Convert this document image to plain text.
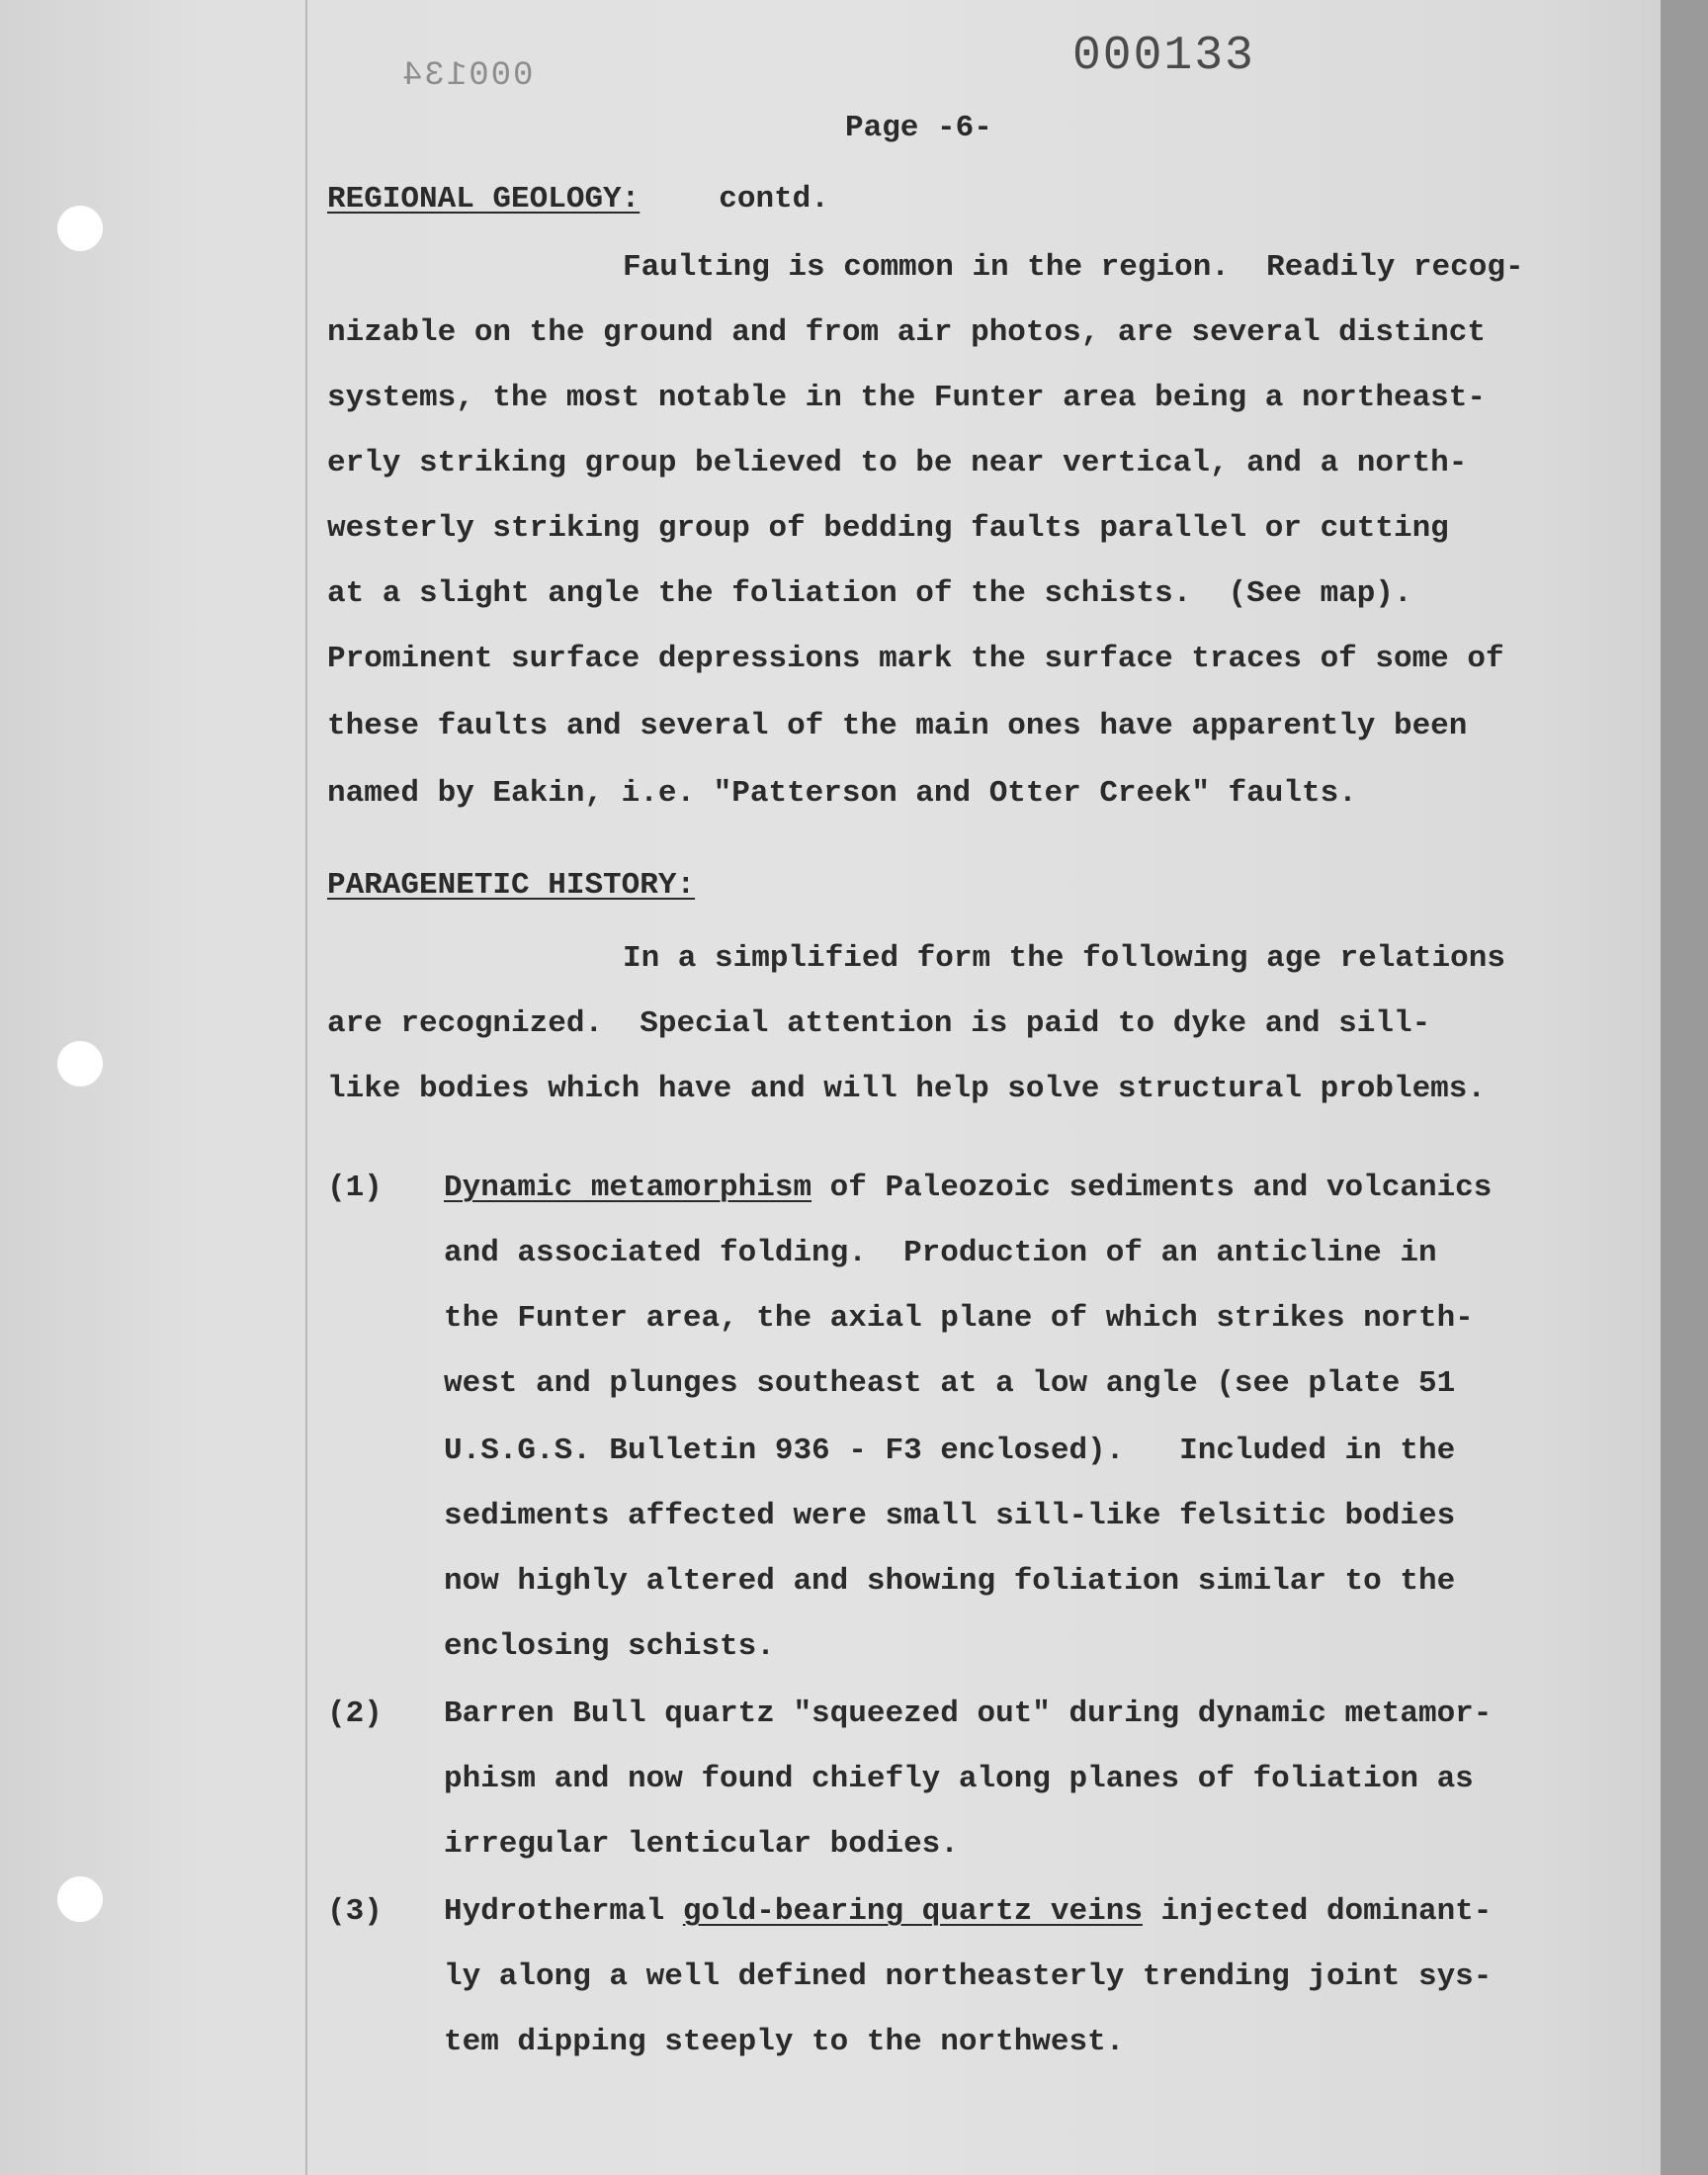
000134	000133
Page -6-
REGIONAL GEOLOGY:	contd.
Faulting is common in the region.  Readily recog-
nizable on the ground and from air photos, are several distinct
systems, the most notable in the Funter area being a northeast-
erly striking group believed to be near vertical, and a north-
westerly striking group of bedding faults parallel or cutting
at a slight angle the foliation of the schists.  (See map).
Prominent surface depressions mark the surface traces of some of
these faults and several of the main ones have apparently been
named by Eakin, i.e. "Patterson and Otter Creek" faults.
PARAGENETIC HISTORY:
In a simplified form the following age relations
are recognized.  Special attention is paid to dyke and sill-
like bodies which have and will help solve structural problems.
(1) Dynamic metamorphism of Paleozoic sediments and volcanics
and associated folding.  Production of an anticline in
the Funter area, the axial plane of which strikes north-
west and plunges southeast at a low angle (see plate 51
U.S.G.S. Bulletin 936 - F3 enclosed).   Included in the
sediments affected were small sill-like felsitic bodies
now highly altered and showing foliation similar to the
enclosing schists.
(2) Barren Bull quartz "squeezed out" during dynamic metamor-
phism and now found chiefly along planes of foliation as
irregular lenticular bodies.
(3) Hydrothermal gold-bearing quartz veins injected dominant-
ly along a well defined northeasterly trending joint sys-
tem dipping steeply to the northwest.
